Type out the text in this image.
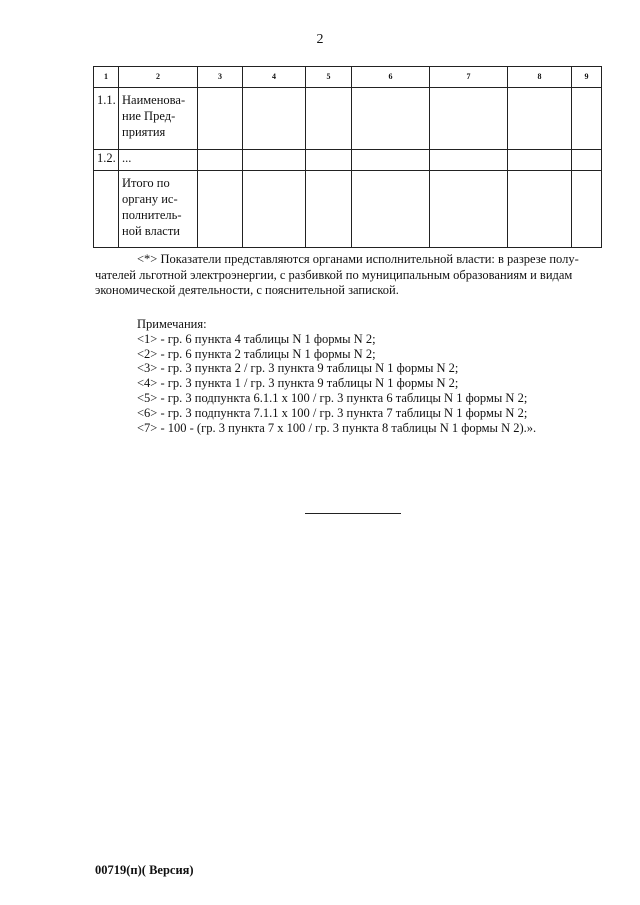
2
1	2	3	4	5	6	7	8	9
1.1.	Наименова-
ние Пред-
приятия							

1.2.	...							

	Итого по
органу ис-
полнитель-
ной власти							

<*> Показатели представляются органами исполнительной власти: в разрезе полу-
чателей льготной электроэнергии, с разбивкой по муниципальным образованиям и видам
экономической деятельности, с пояснительной запиской.
Примечания:
<1> - гр. 6 пункта 4 таблицы N 1 формы N 2;
<2> - гр. 6 пункта 2 таблицы N 1 формы N 2;
<3> - гр. 3 пункта 2 / гр. 3 пункта 9 таблицы N 1 формы N 2;
<4> - гр. 3 пункта 1 / гр. 3 пункта 9 таблицы N 1 формы N 2;
<5> - гр. 3 подпункта 6.1.1 x 100 / гр. 3 пункта 6 таблицы N 1 формы N 2;
<6> - гр. 3 подпункта 7.1.1 x 100 / гр. 3 пункта 7 таблицы N 1 формы N 2;
<7> - 100 - (гр. 3 пункта 7 x 100 / гр. 3 пункта 8 таблицы N 1 формы N 2).».
00719(п)( Версия)
